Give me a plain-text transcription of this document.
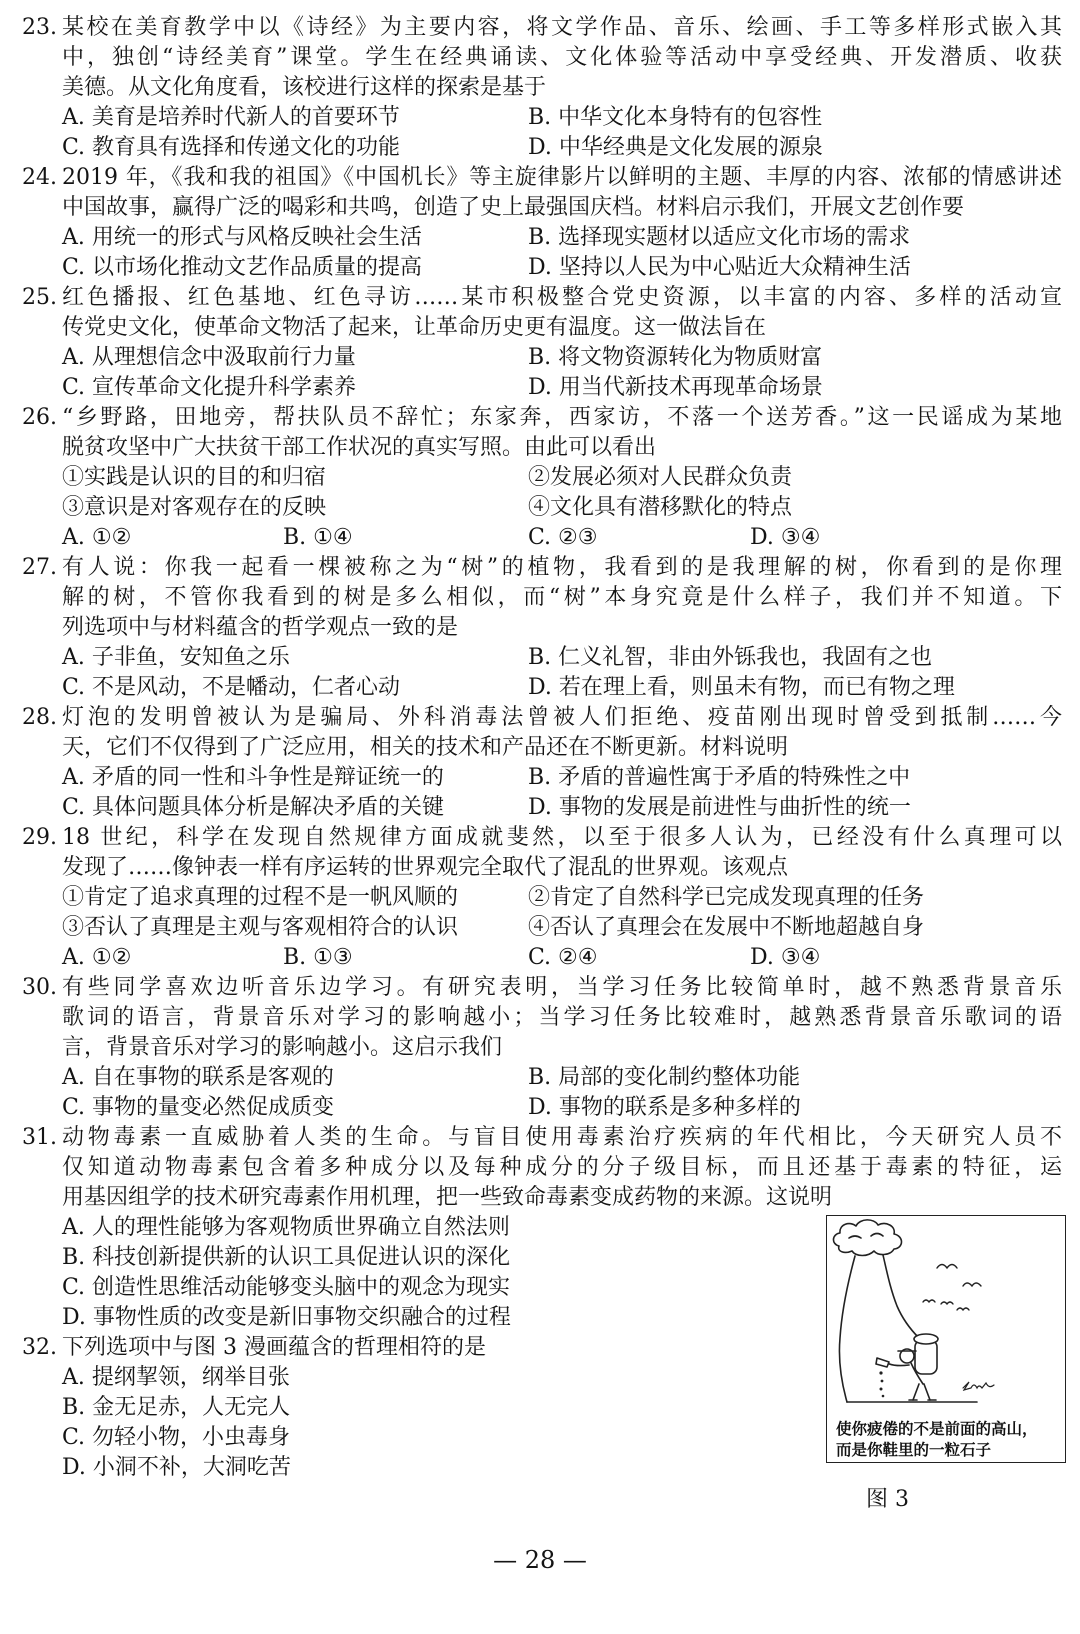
23. 某校在美育教学中以《诗经》为主要内容，将文学作品、音乐、绘画、手工等多样形式嵌入其
中，独创“诗经美育”课堂。学生在经典诵读、文化体验等活动中享受经典、开发潜质、收获
美德。从文化角度看，该校进行这样的探索是基于
A. 美育是培养时代新人的首要环节	B. 中华文化本身特有的包容性
C. 教育具有选择和传递文化的功能	D. 中华经典是文化发展的源泉
24. 2019 年，《我和我的祖国》《中国机长》等主旋律影片以鲜明的主题、丰厚的内容、浓郁的情感讲述
中国故事，赢得广泛的喝彩和共鸣，创造了史上最强国庆档。材料启示我们，开展文艺创作要
A. 用统一的形式与风格反映社会生活	B. 选择现实题材以适应文化市场的需求
C. 以市场化推动文艺作品质量的提高	D. 坚持以人民为中心贴近大众精神生活
25. 红色播报、红色基地、红色寻访……某市积极整合党史资源，以丰富的内容、多样的活动宣
传党史文化，使革命文物活了起来，让革命历史更有温度。这一做法旨在
A. 从理想信念中汲取前行力量	B. 将文物资源转化为物质财富
C. 宣传革命文化提升科学素养	D. 用当代新技术再现革命场景
26. “乡野路，田地旁，帮扶队员不辞忙；东家奔，西家访，不落一个送芳香。”这一民谣成为某地
脱贫攻坚中广大扶贫干部工作状况的真实写照。由此可以看出
①实践是认识的目的和归宿	②发展必须对人民群众负责
③意识是对客观存在的反映	④文化具有潜移默化的特点
A. ①②	B. ①④	C. ②③	D. ③④
27. 有人说：你我一起看一棵被称之为“树”的植物，我看到的是我理解的树，你看到的是你理
解的树，不管你我看到的树是多么相似，而“树”本身究竟是什么样子，我们并不知道。下
列选项中与材料蕴含的哲学观点一致的是
A. 子非鱼，安知鱼之乐	B. 仁义礼智，非由外铄我也，我固有之也
C. 不是风动，不是幡动，仁者心动	D. 若在理上看，则虽未有物，而已有物之理
28. 灯泡的发明曾被认为是骗局、外科消毒法曾被人们拒绝、疫苗刚出现时曾受到抵制……今
天，它们不仅得到了广泛应用，相关的技术和产品还在不断更新。材料说明
A. 矛盾的同一性和斗争性是辩证统一的	B. 矛盾的普遍性寓于矛盾的特殊性之中
C. 具体问题具体分析是解决矛盾的关键	D. 事物的发展是前进性与曲折性的统一
29. 18 世纪，科学在发现自然规律方面成就斐然，以至于很多人认为，已经没有什么真理可以
发现了……像钟表一样有序运转的世界观完全取代了混乱的世界观。该观点
①肯定了追求真理的过程不是一帆风顺的	②肯定了自然科学已完成发现真理的任务
③否认了真理是主观与客观相符合的认识	④否认了真理会在发展中不断地超越自身
A. ①②	B. ①③	C. ②④	D. ③④
30. 有些同学喜欢边听音乐边学习。有研究表明，当学习任务比较简单时，越不熟悉背景音乐
歌词的语言，背景音乐对学习的影响越小；当学习任务比较难时，越熟悉背景音乐歌词的语
言，背景音乐对学习的影响越小。这启示我们
A. 自在事物的联系是客观的	B. 局部的变化制约整体功能
C. 事物的量变必然促成质变	D. 事物的联系是多种多样的
31. 动物毒素一直威胁着人类的生命。与盲目使用毒素治疗疾病的年代相比，今天研究人员不
仅知道动物毒素包含着多种成分以及每种成分的分子级目标，而且还基于毒素的特征，运
用基因组学的技术研究毒素作用机理，把一些致命毒素变成药物的来源。这说明
A. 人的理性能够为客观物质世界确立自然法则
B. 科技创新提供新的认识工具促进认识的深化
C. 创造性思维活动能够变头脑中的观念为现实
D. 事物性质的改变是新旧事物交织融合的过程
32. 下列选项中与图 3 漫画蕴含的哲理相符的是
A. 提纲挈领，纲举目张
B. 金无足赤，人无完人
C. 勿轻小物，小虫毒身
D. 小洞不补，大洞吃苦
使你疲倦的不是前面的高山，
而是你鞋里的一粒石子
图 3
— 28 —
